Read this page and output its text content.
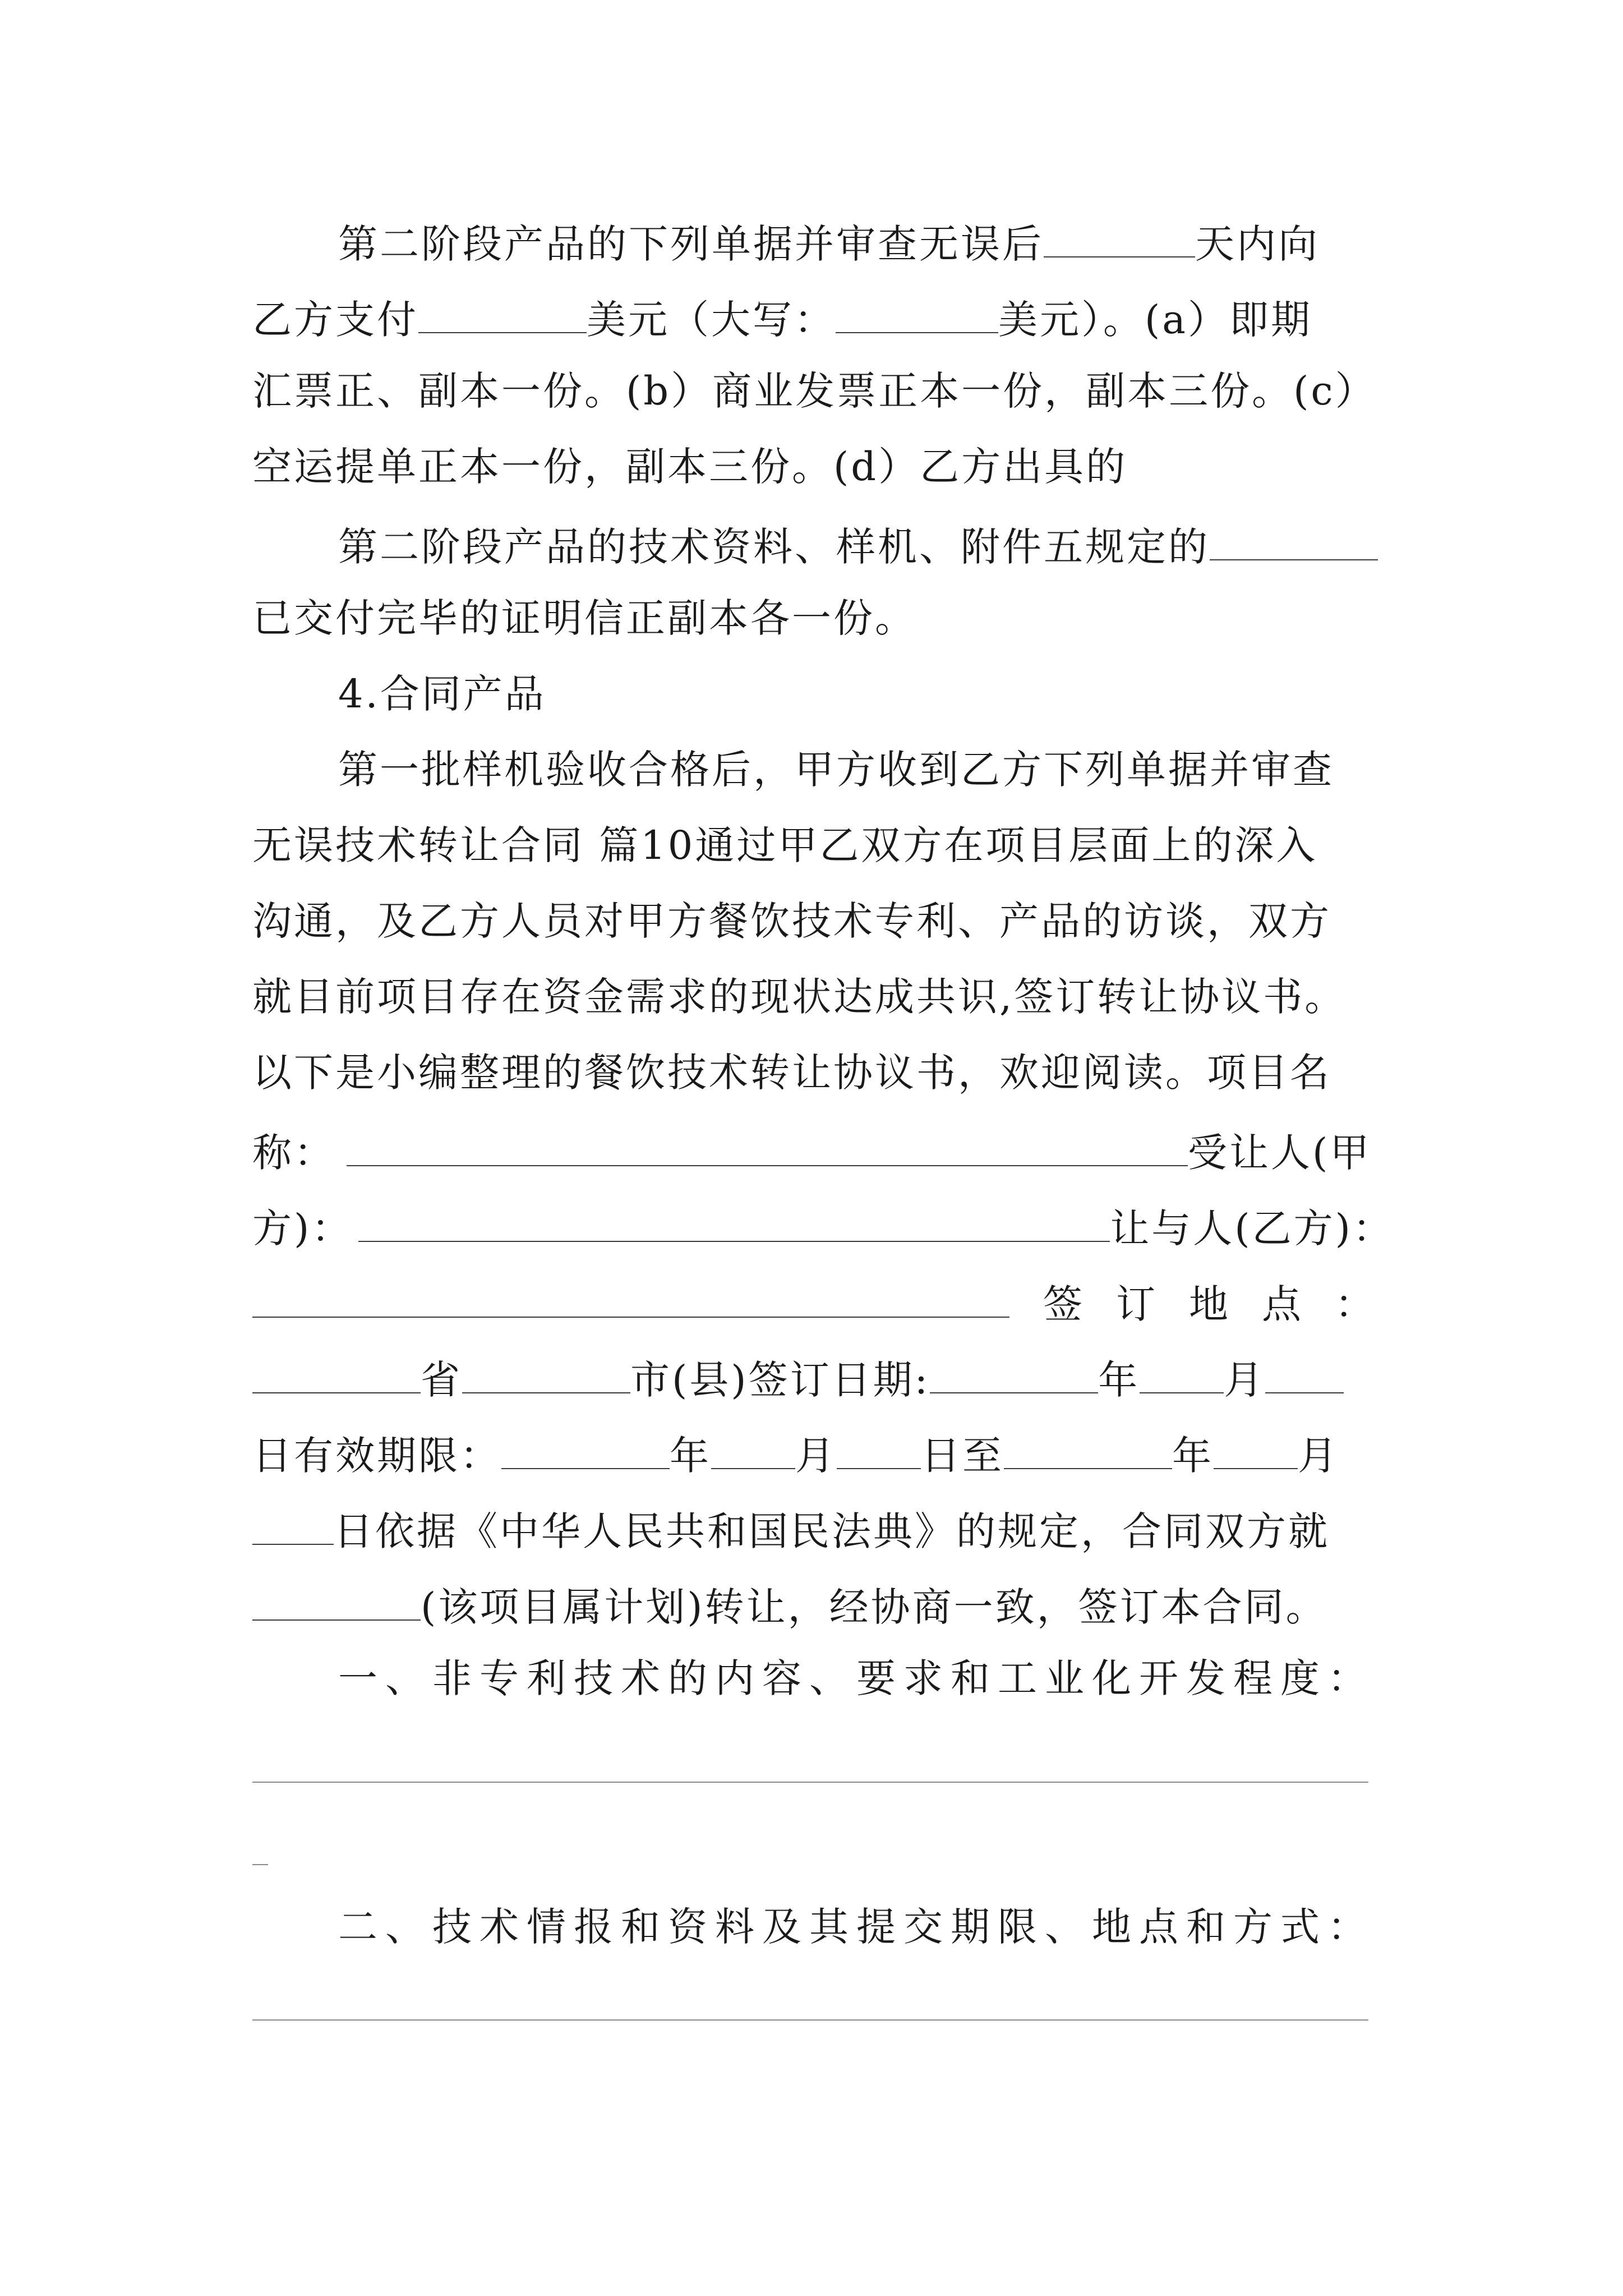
第二阶段产品的下列单据并审查无误后	天内向
乙方支付	美元（大写：	美元）。(a）即期
汇票正、副本一份。(b）商业发票正本一份，副本三份。(c）
空运提单正本一份，副本三份。(d）乙方出具的
第二阶段产品的技术资料、样机、附件五规定的
已交付完毕的证明信正副本各一份。
4.合同产品
第一批样机验收合格后，甲方收到乙方下列单据并审查
无误技术转让合同 篇10通过甲乙双方在项目层面上的深入
沟通，及乙方人员对甲方餐饮技术专利、产品的访谈，双方
就目前项目存在资金需求的现状达成共识,签订转让协议书。
以下是小编整理的餐饮技术转让协议书，欢迎阅读。项目名
称：	受让人(甲
方)：	让与人(乙方)：
签订地点：
省	市(县)签订日期:	年 月
日有效期限：	年 月 日至	年 月
日依据《中华人民共和国民法典》的规定，合同双方就
(该项目属计划)转让，经协商一致，签订本合同。
一、非专利技术的内容、要求和工业化开发程度：
二、技术情报和资料及其提交期限、地点和方式：
